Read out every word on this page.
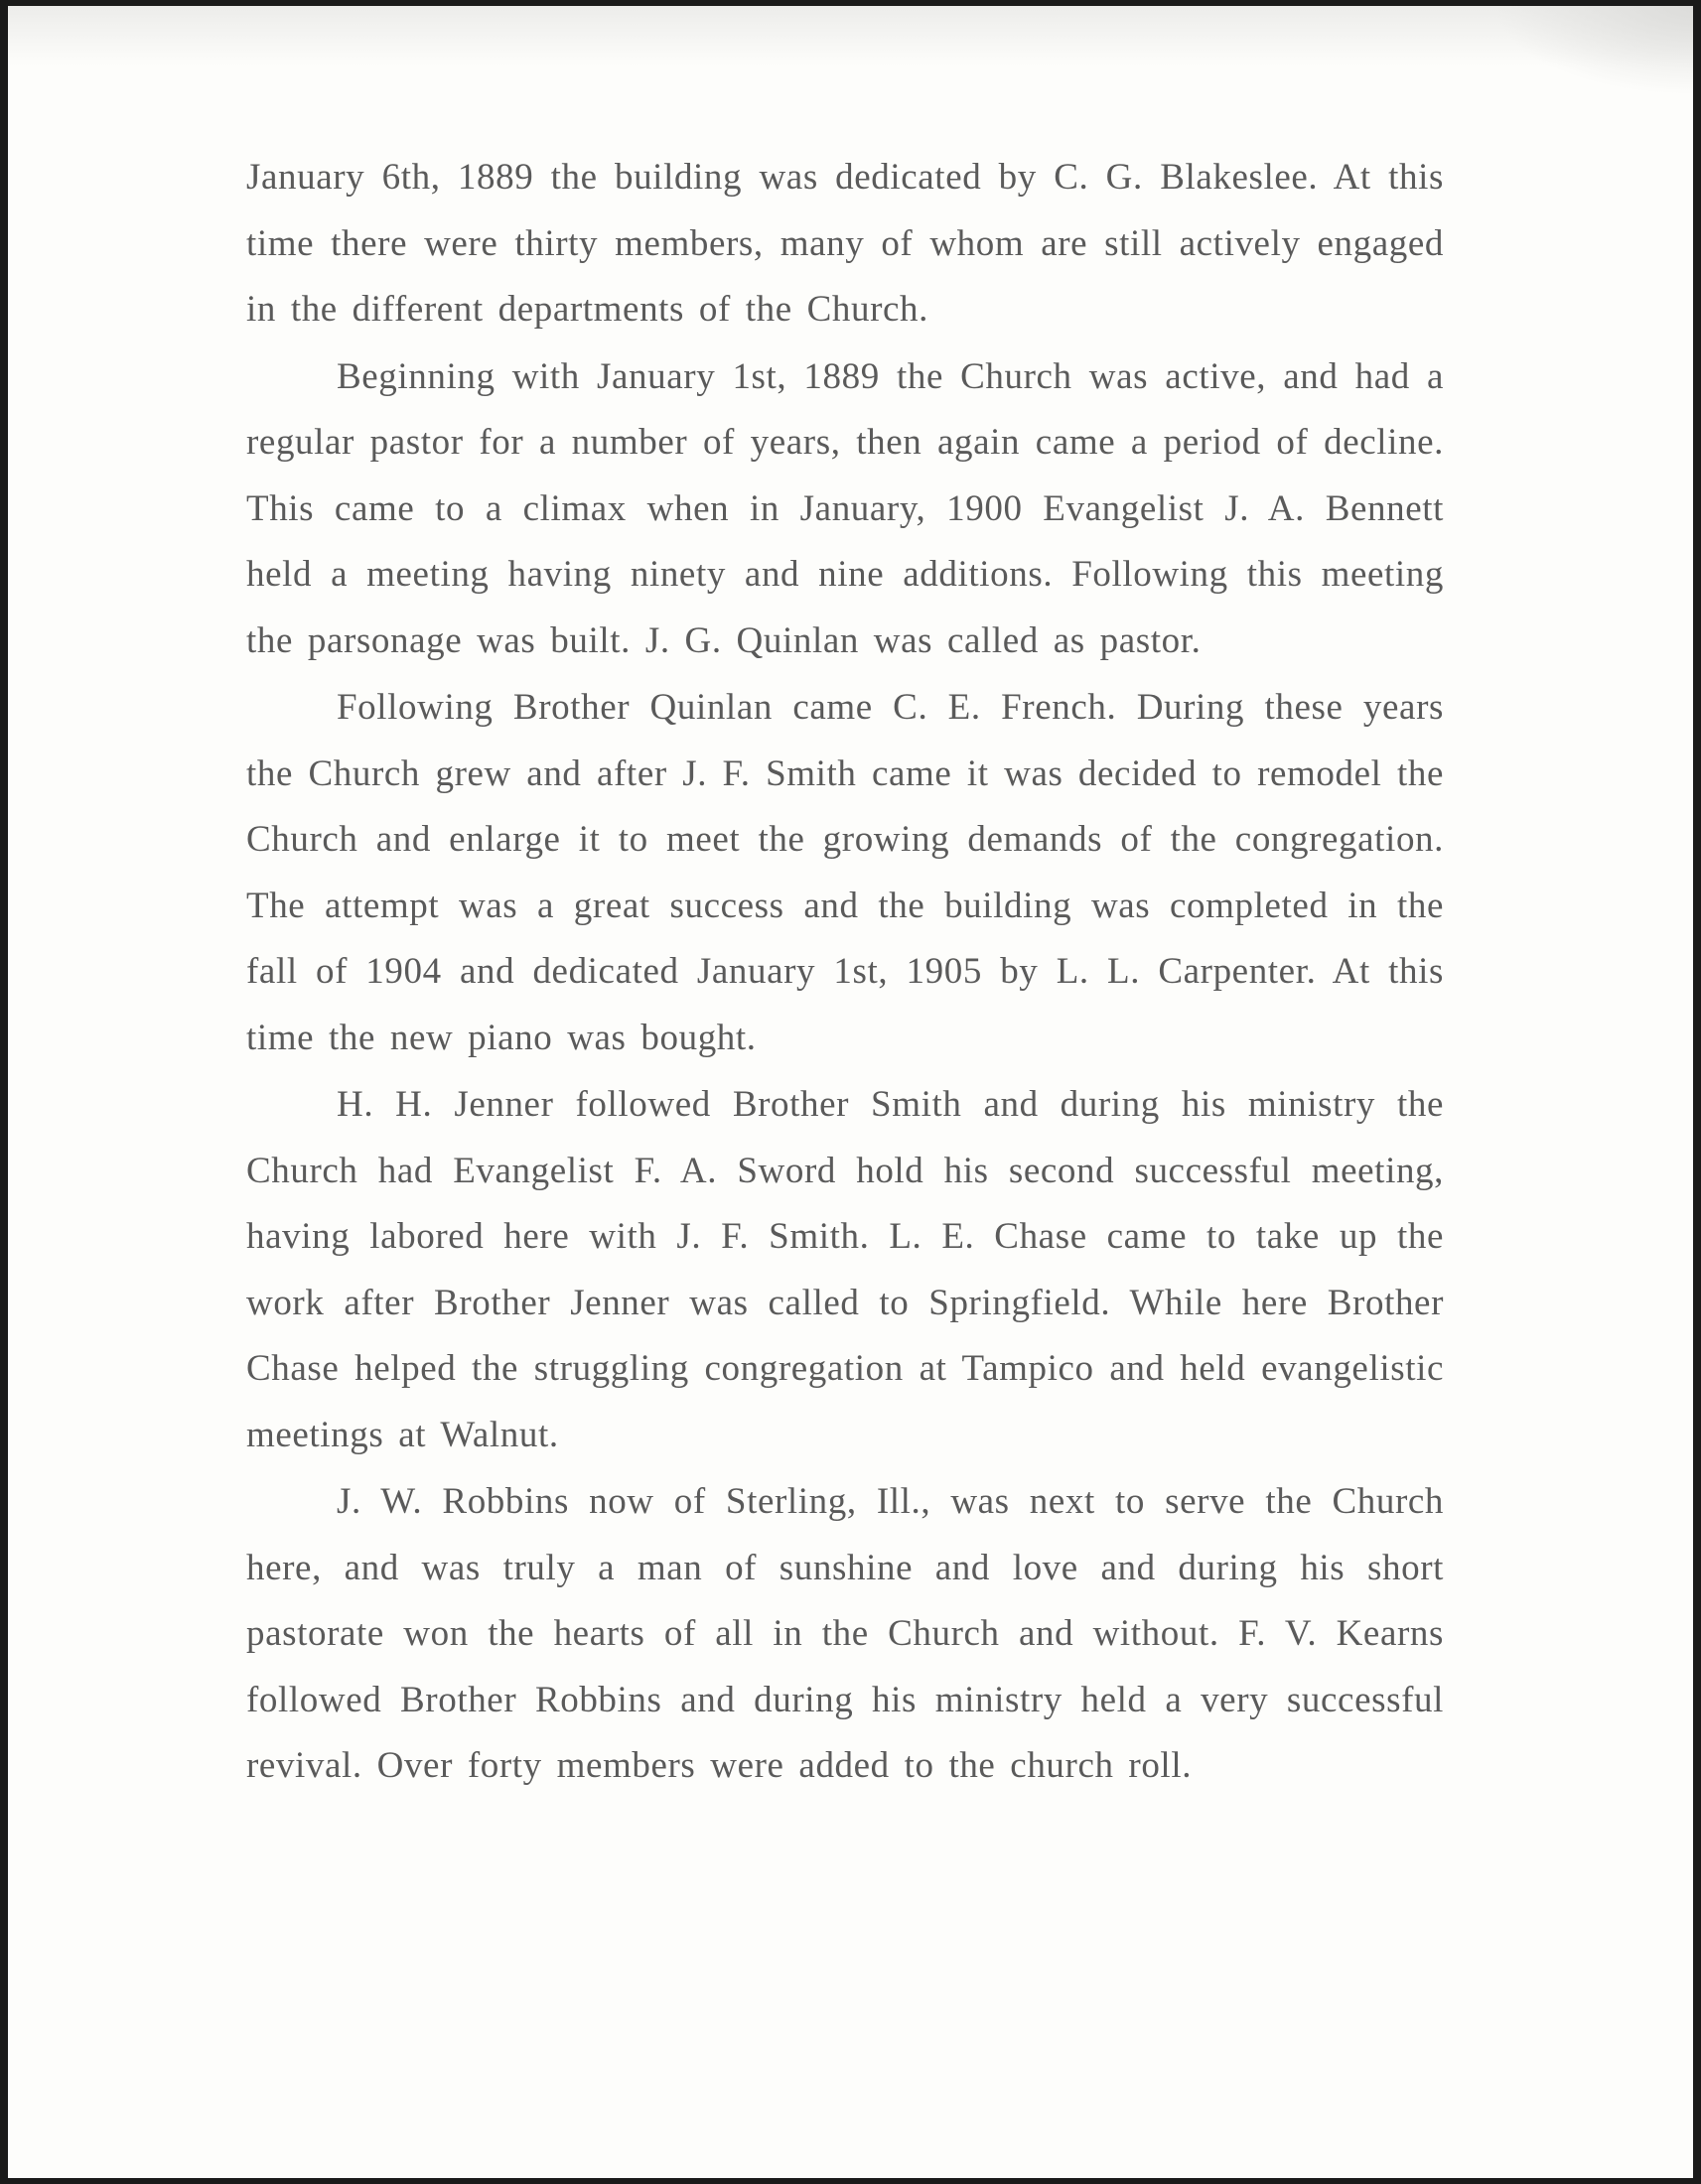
January 6th, 1889 the building was dedicated by C. G. Blakeslee. At this time there were thirty members, many of whom are still actively engaged in the different departments of the Church.

Beginning with January 1st, 1889 the Church was active, and had a regular pastor for a number of years, then again came a period of decline. This came to a climax when in January, 1900 Evangelist J. A. Bennett held a meeting having ninety and nine additions. Following this meeting the parsonage was built. J. G. Quinlan was called as pastor.

Following Brother Quinlan came C. E. French. During these years the Church grew and after J. F. Smith came it was decided to remodel the Church and enlarge it to meet the growing demands of the congregation. The attempt was a great success and the building was completed in the fall of 1904 and dedicated January 1st, 1905 by L. L. Carpenter. At this time the new piano was bought.

H. H. Jenner followed Brother Smith and during his ministry the Church had Evangelist F. A. Sword hold his second successful meeting, having labored here with J. F. Smith. L. E. Chase came to take up the work after Brother Jenner was called to Springfield. While here Brother Chase helped the struggling congregation at Tampico and held evangelistic meetings at Walnut.

J. W. Robbins now of Sterling, Ill., was next to serve the Church here, and was truly a man of sunshine and love and during his short pastorate won the hearts of all in the Church and without. F. V. Kearns followed Brother Robbins and during his ministry held a very successful revival. Over forty members were added to the church roll.
